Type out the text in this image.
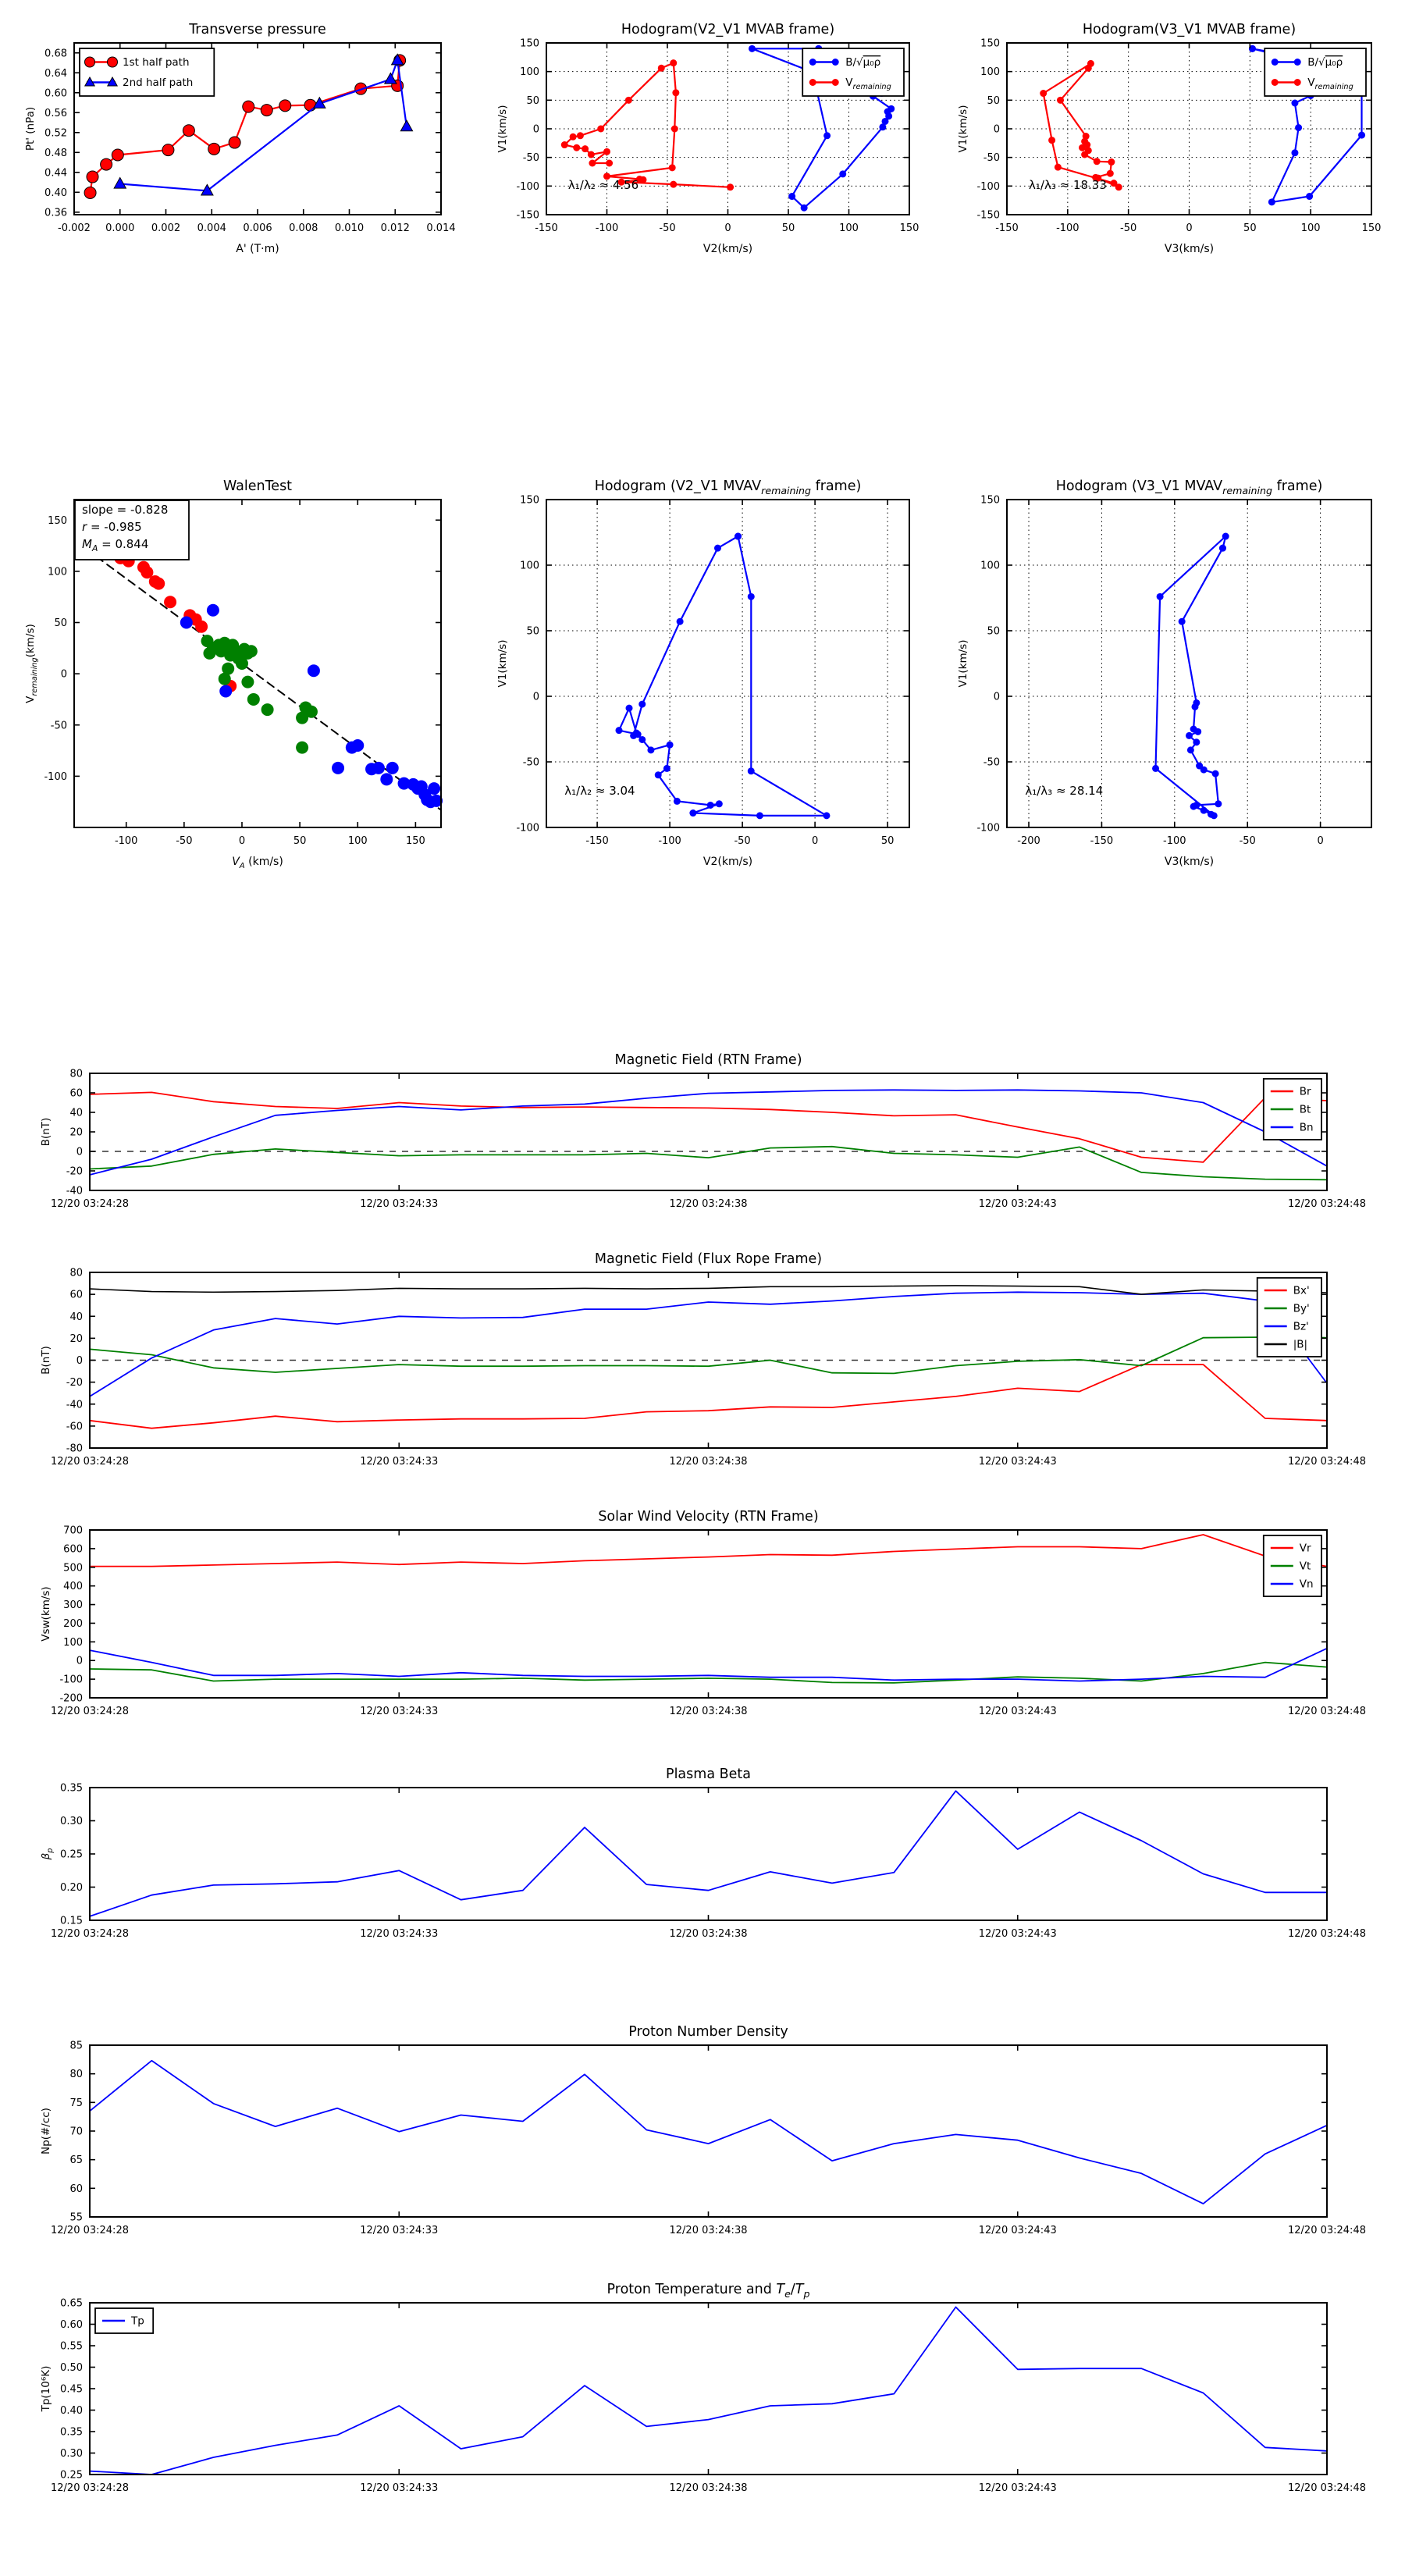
-0.002 0.000 0.002 0.004 0.006 0.008 0.010 0.012 0.014
0.36
0.40
0.44
0.48
0.52
0.56
0.60
0.64
0.68
Transverse pressure
A' (T·m)
Pt' (nPa)
1st half path
2nd half path
-150	-100	-50	0	50	100	150
-150
-100
-50
0
50
100
150
Hodogram(V2_V1 MVAB frame)
V2(km/s)
V1(km/s)
λ₁/λ₂ ≈ 4.56
B/√μ₀ρ
$V_{remaining}$
-150	-100	-50	0	50	100	150
-150
-100
-50
0
50
100
150
Hodogram(V3_V1 MVAB frame)
V3(km/s)
V1(km/s)
λ₁/λ₃ ≈ 18.33
B/√μ₀ρ
$V_{remaining}$
-100	-50	0	50	100	150
-100
-50
0
50
100
150
WalenTest
$V_A$ (km/s)
$V_{remaining}(km/s)$
slope = -0.828
r = -0.985
$M_A = 0.844$
-150	-100	-50	0	50
-100
-50
0
50
100
150
Hodogram (V2_V1 $MVAV_{remaining}$ frame)
V2(km/s)
V1(km/s)
λ₁/λ₂ ≈ 3.04
-200	-150	-100	-50	0
-100
-50
0
50
100
150
Hodogram (V3_V1 $MVAV_{remaining}$ frame)
V3(km/s)
V1(km/s)
λ₁/λ₃ ≈ 28.14
12/20 03:24:28	12/20 03:24:33	12/20 03:24:38	12/20 03:24:43	12/20 03:24:48
-40
-20
0
20
40
60
80
Magnetic Field (RTN Frame)
B(nT)
Br
Bt
Bn
12/20 03:24:28	12/20 03:24:33	12/20 03:24:38	12/20 03:24:43	12/20 03:24:48
-80
-60
-40
-20
0
20
40
60
80
Magnetic Field (Flux Rope Frame)
B(nT)
Bx'
By'
Bz'
|B|
12/20 03:24:28	12/20 03:24:33	12/20 03:24:38	12/20 03:24:43	12/20 03:24:48
-200
-100
0
100
200
300
400
500
600
700
Solar Wind Velocity (RTN Frame)
Vsw(km/s)
Vr
Vt
Vn
12/20 03:24:28	12/20 03:24:33	12/20 03:24:38	12/20 03:24:43	12/20 03:24:48
0.15
0.20
0.25
0.30
0.35
Plasma Beta
$\beta_p$
12/20 03:24:28	12/20 03:24:33	12/20 03:24:38	12/20 03:24:43	12/20 03:24:48
55
60
65
70
75
80
85
Proton Number Density
Np(#/cc)
12/20 03:24:28	12/20 03:24:33	12/20 03:24:38	12/20 03:24:43	12/20 03:24:48
0.25
0.30
0.35
0.40
0.45
0.50
0.55
0.60
0.65
Proton Temperature and $T_e/T_p$
Tp(10⁶K)
Tp
